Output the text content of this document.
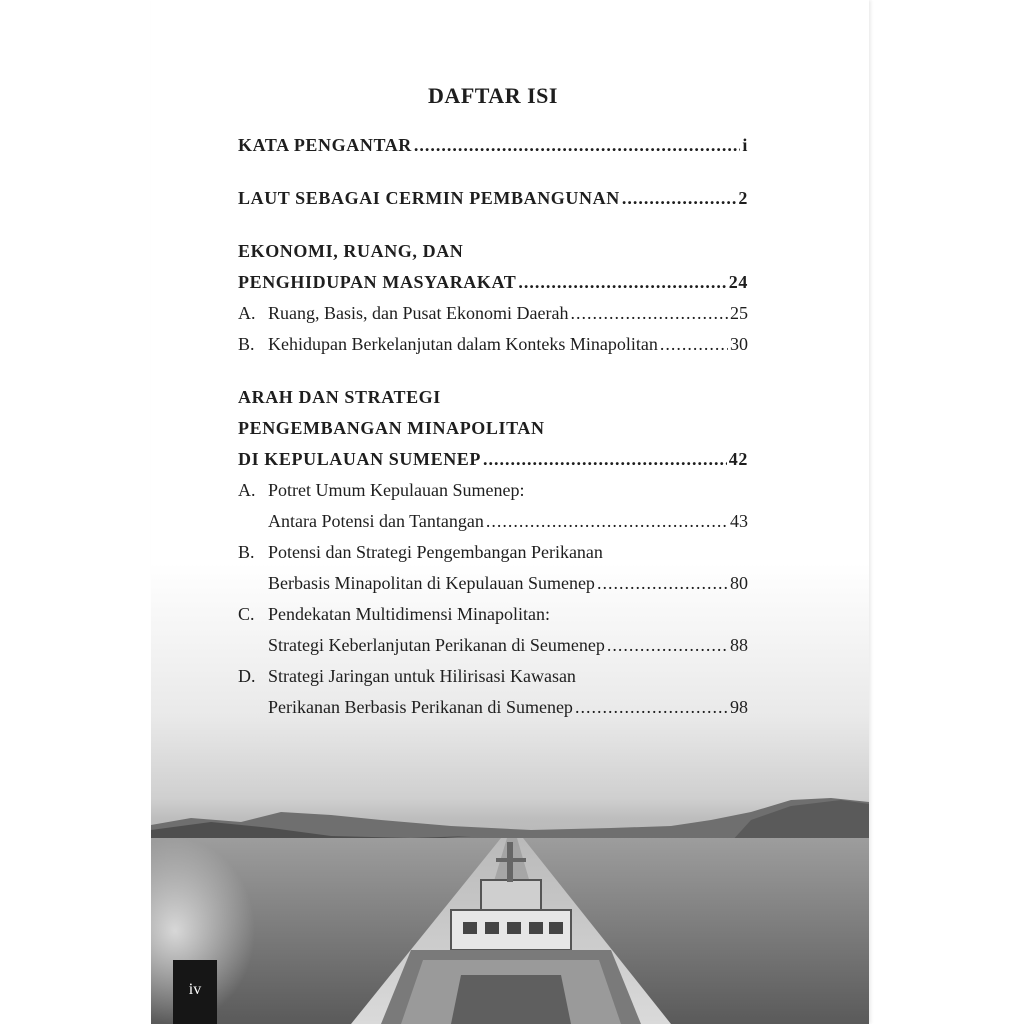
DAFTAR ISI
KATA PENGANTAR .....	i
LAUT SEBAGAI CERMIN PEMBANGUNAN .....	2
EKONOMI, RUANG, DAN
PENGHIDUPAN MASYARAKAT .....	24
A. Ruang, Basis, dan Pusat Ekonomi Daerah .....	25
B. Kehidupan Berkelanjutan dalam Konteks Minapolitan .....	30
ARAH DAN STRATEGI
PENGEMBANGAN MINAPOLITAN
DI KEPULAUAN SUMENEP .....	42
A. Potret Umum Kepulauan Sumenep:
Antara Potensi dan Tantangan .....	43
B. Potensi dan Strategi Pengembangan Perikanan
Berbasis Minapolitan di Kepulauan Sumenep .....	80
C. Pendekatan Multidimensi Minapolitan:
Strategi Keberlanjutan Perikanan di Seumenep .....	88
D. Strategi Jaringan untuk Hilirisasi Kawasan
Perikanan Berbasis Perikanan di Sumenep .....	98
iv
